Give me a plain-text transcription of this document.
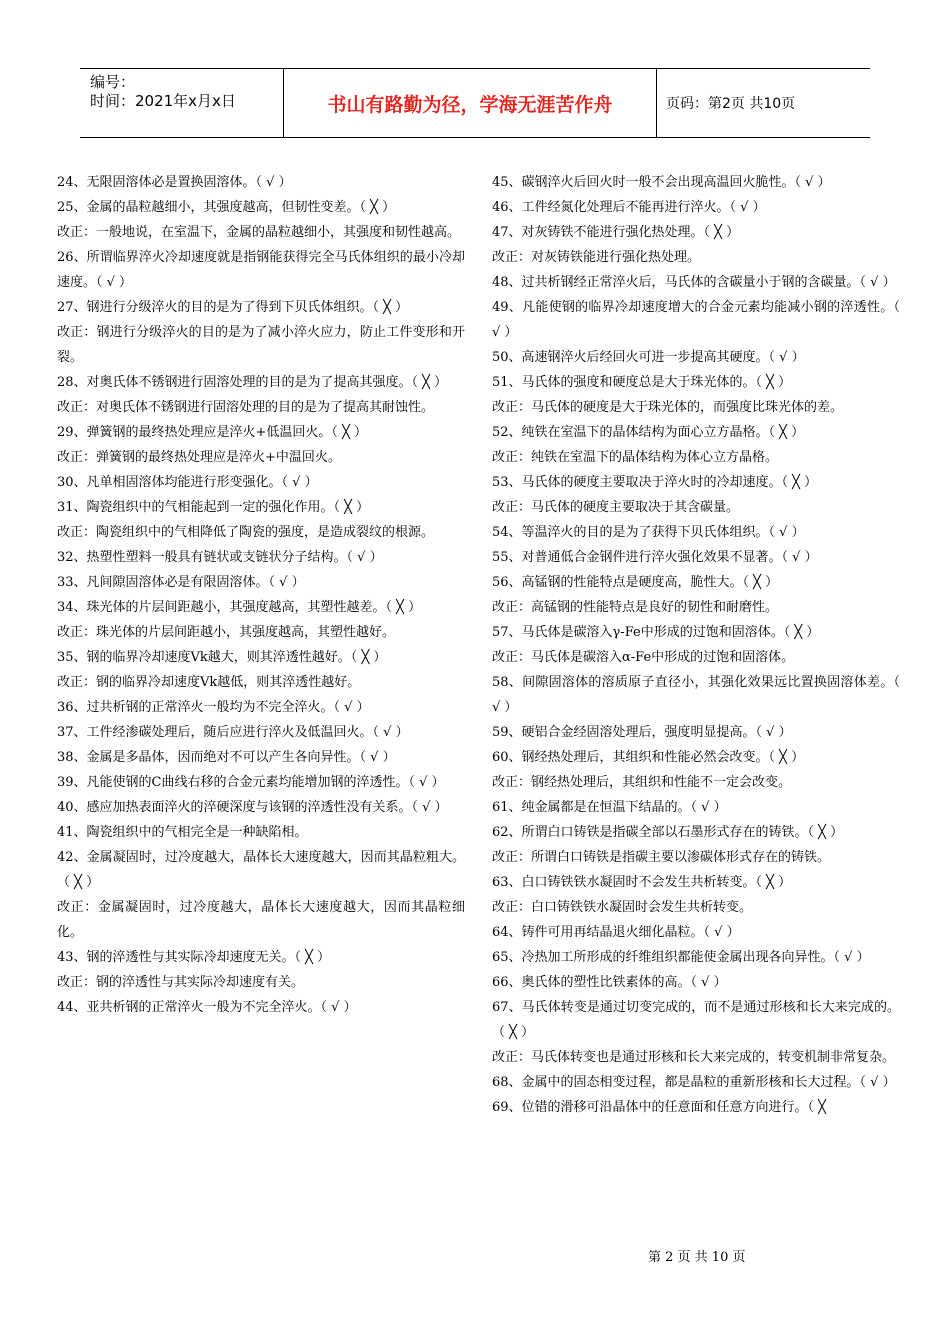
编号：
时间：2021年x月x日	书山有路勤为径，学海无涯苦作舟	页码：第2页 共10页

24、无限固溶体必是置换固溶体。（ √ ）

25、金属的晶粒越细小，其强度越高，但韧性变差。（ ╳ ）

改正：一般地说，在室温下，金属的晶粒越细小，其强度和韧性越高。

26、所谓临界淬火冷却速度就是指钢能获得完全马氏体组织的最小冷却速度。（ √ ）

27、钢进行分级淬火的目的是为了得到下贝氏体组织。（ ╳ ）

改正：钢进行分级淬火的目的是为了减小淬火应力，防止工件变形和开裂。

28、对奥氏体不锈钢进行固溶处理的目的是为了提高其强度。（ ╳ ）

改正：对奥氏体不锈钢进行固溶处理的目的是为了提高其耐蚀性。

29、弹簧钢的最终热处理应是淬火+低温回火。（ ╳ ）

改正：弹簧钢的最终热处理应是淬火+中温回火。

30、凡单相固溶体均能进行形变强化。（ √ ）

31、陶瓷组织中的气相能起到一定的强化作用。（ ╳ ）

改正：陶瓷组织中的气相降低了陶瓷的强度，是造成裂纹的根源。

32、热塑性塑料一般具有链状或支链状分子结构。（ √ ）

33、凡间隙固溶体必是有限固溶体。（ √ ）

34、珠光体的片层间距越小，其强度越高，其塑性越差。（ ╳ ）

改正：珠光体的片层间距越小，其强度越高，其塑性越好。

35、钢的临界冷却速度Vk越大，则其淬透性越好。（ ╳ ）

改正：钢的临界冷却速度Vk越低，则其淬透性越好。

36、过共析钢的正常淬火一般均为不完全淬火。（ √ ）

37、工件经渗碳处理后，随后应进行淬火及低温回火。（ √ ）

38、金属是多晶体，因而绝对不可以产生各向异性。（ √ ）

39、凡能使钢的C曲线右移的合金元素均能增加钢的淬透性。（ √ ）

40、感应加热表面淬火的淬硬深度与该钢的淬透性没有关系。（ √ ）

41、陶瓷组织中的气相完全是一种缺陷相。

42、金属凝固时，过冷度越大，晶体长大速度越大，因而其晶粒粗大。（ ╳ ）

改正：金属凝固时，过冷度越大，晶体长大速度越大，因而其晶粒细化。

43、钢的淬透性与其实际冷却速度无关。（ ╳ ）

改正：钢的淬透性与其实际冷却速度有关。

44、亚共析钢的正常淬火一般为不完全淬火。（ √ ）

45、碳钢淬火后回火时一般不会出现高温回火脆性。（ √ ）

46、工件经氮化处理后不能再进行淬火。（ √ ）

47、对灰铸铁不能进行强化热处理。（ ╳ ）

改正：对灰铸铁能进行强化热处理。

48、过共析钢经正常淬火后，马氏体的含碳量小于钢的含碳量。（ √ ）

49、凡能使钢的临界冷却速度增大的合金元素均能减小钢的淬透性。（ √ ）

50、高速钢淬火后经回火可进一步提高其硬度。（ √ ）

51、马氏体的强度和硬度总是大于珠光体的。（ ╳ ）

改正：马氏体的硬度是大于珠光体的，而强度比珠光体的差。

52、纯铁在室温下的晶体结构为面心立方晶格。（ ╳ ）

改正：纯铁在室温下的晶体结构为体心立方晶格。

53、马氏体的硬度主要取决于淬火时的冷却速度。（ ╳ ）

改正：马氏体的硬度主要取决于其含碳量。

54、等温淬火的目的是为了获得下贝氏体组织。（ √ ）

55、对普通低合金钢件进行淬火强化效果不显著。（ √ ）

56、高锰钢的性能特点是硬度高，脆性大。（ ╳ ）

改正：高锰钢的性能特点是良好的韧性和耐磨性。

57、马氏体是碳溶入γ-Fe中形成的过饱和固溶体。（ ╳ ）

改正：马氏体是碳溶入α-Fe中形成的过饱和固溶体。

58、间隙固溶体的溶质原子直径小，其强化效果远比置换固溶体差。（ √ ）

59、硬铝合金经固溶处理后，强度明显提高。（ √ ）

60、钢经热处理后，其组织和性能必然会改变。（ ╳ ）

改正：钢经热处理后，其组织和性能不一定会改变。

61、纯金属都是在恒温下结晶的。（ √ ）

62、所谓白口铸铁是指碳全部以石墨形式存在的铸铁。（ ╳ ）

改正：所谓白口铸铁是指碳主要以渗碳体形式存在的铸铁。

63、白口铸铁铁水凝固时不会发生共析转变。（ ╳ ）

改正：白口铸铁铁水凝固时会发生共析转变。

64、铸件可用再结晶退火细化晶粒。（ √ ）

65、冷热加工所形成的纤维组织都能使金属出现各向异性。（ √ ）

66、奥氏体的塑性比铁素体的高。（ √ ）

67、马氏体转变是通过切变完成的，而不是通过形核和长大来完成的。（ ╳ ）

改正：马氏体转变也是通过形核和长大来完成的，转变机制非常复杂。

68、金属中的固态相变过程，都是晶粒的重新形核和长大过程。（ √ ）

69、位错的滑移可沿晶体中的任意面和任意方向进行。（ ╳

第 2 页 共 10 页
